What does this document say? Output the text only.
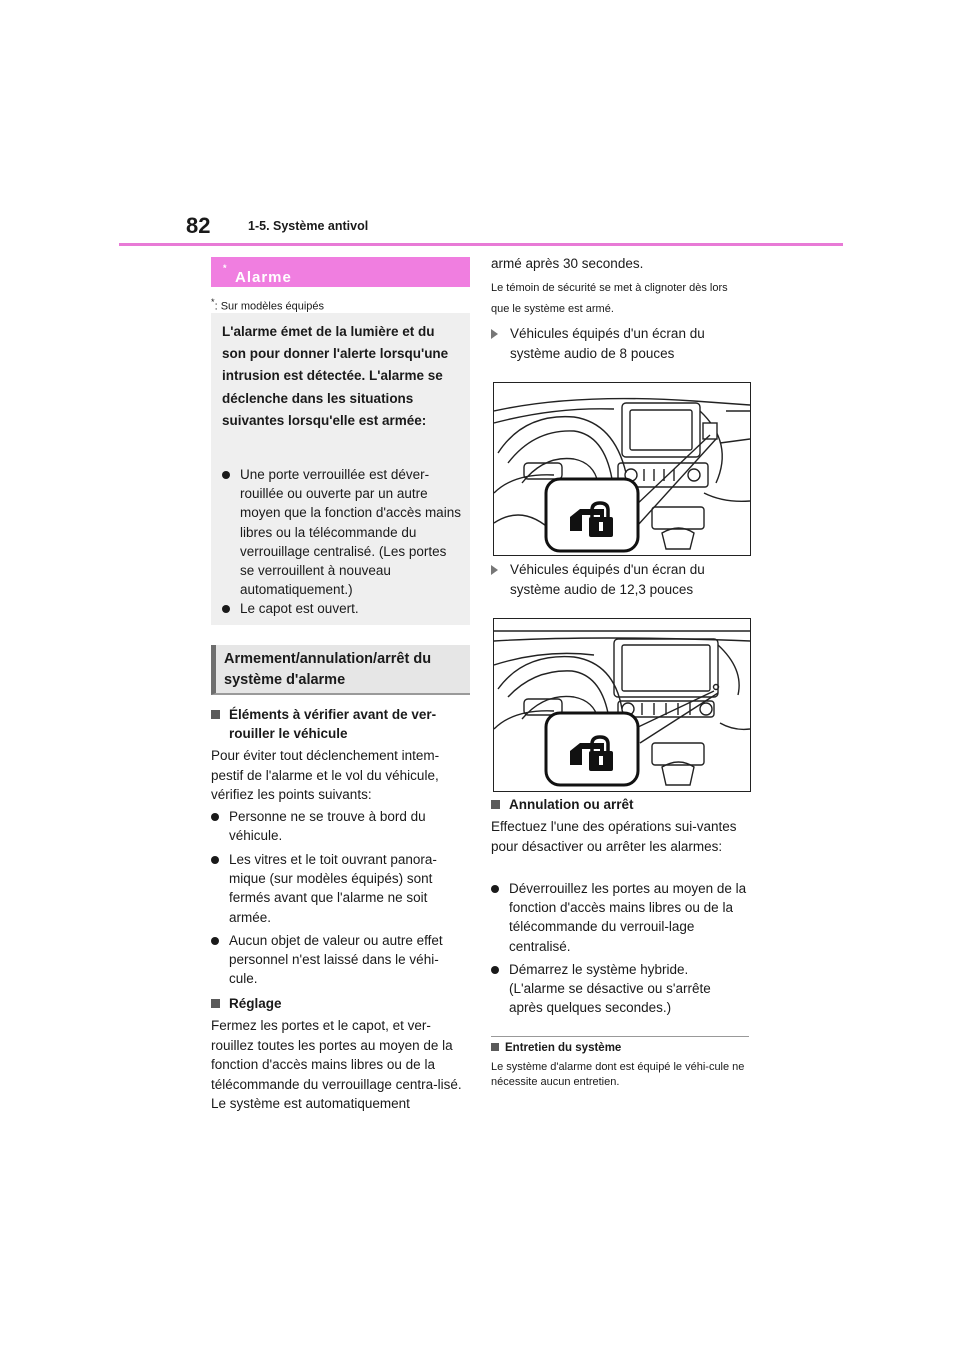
82	1-5. Système antivol
Alarme
*
*: Sur modèles équipés
L'alarme émet de la lumière et du son pour donner l'alerte lorsqu'une intrusion est détectée. L'alarme se déclenche dans les situations suivantes lorsqu'elle est armée:
Une porte verrouillée est déver-rouillée ou ouverte par un autre moyen que la fonction d'accès mains libres ou la télécommande du verrouillage centralisé. (Les portes se verrouillent à nouveau automatiquement.)
Le capot est ouvert.
Armement/annulation/arrêt du système d'alarme
Éléments à vérifier avant de ver-rouiller le véhicule
Pour éviter tout déclenchement intem-pestif de l'alarme et le vol du véhicule, vérifiez les points suivants:
Personne ne se trouve à bord du véhicule.
Les vitres et le toit ouvrant panora-mique (sur modèles équipés) sont fermés avant que l'alarme ne soit armée.
Aucun objet de valeur ou autre effet personnel n'est laissé dans le véhi-cule.
Réglage
Fermez les portes et le capot, et ver-rouillez toutes les portes au moyen de la fonction d'accès mains libres ou de la télécommande du verrouillage centra-lisé. Le système est automatiquement
armé après 30 secondes.
Le témoin de sécurité se met à clignoter dès lors que le système est armé.
Véhicules équipés d'un écran du système audio de 8 pouces
Véhicules équipés d'un écran du système audio de 12,3 pouces
Annulation ou arrêt
Effectuez l'une des opérations sui-vantes pour désactiver ou arrêter les alarmes:
Déverrouillez les portes au moyen de la fonction d'accès mains libres ou de la télécommande du verrouil-lage centralisé.
Démarrez le système hybride. (L'alarme se désactive ou s'arrête après quelques secondes.)
Entretien du système
Le système d'alarme dont est équipé le véhi-cule ne nécessite aucun entretien.
